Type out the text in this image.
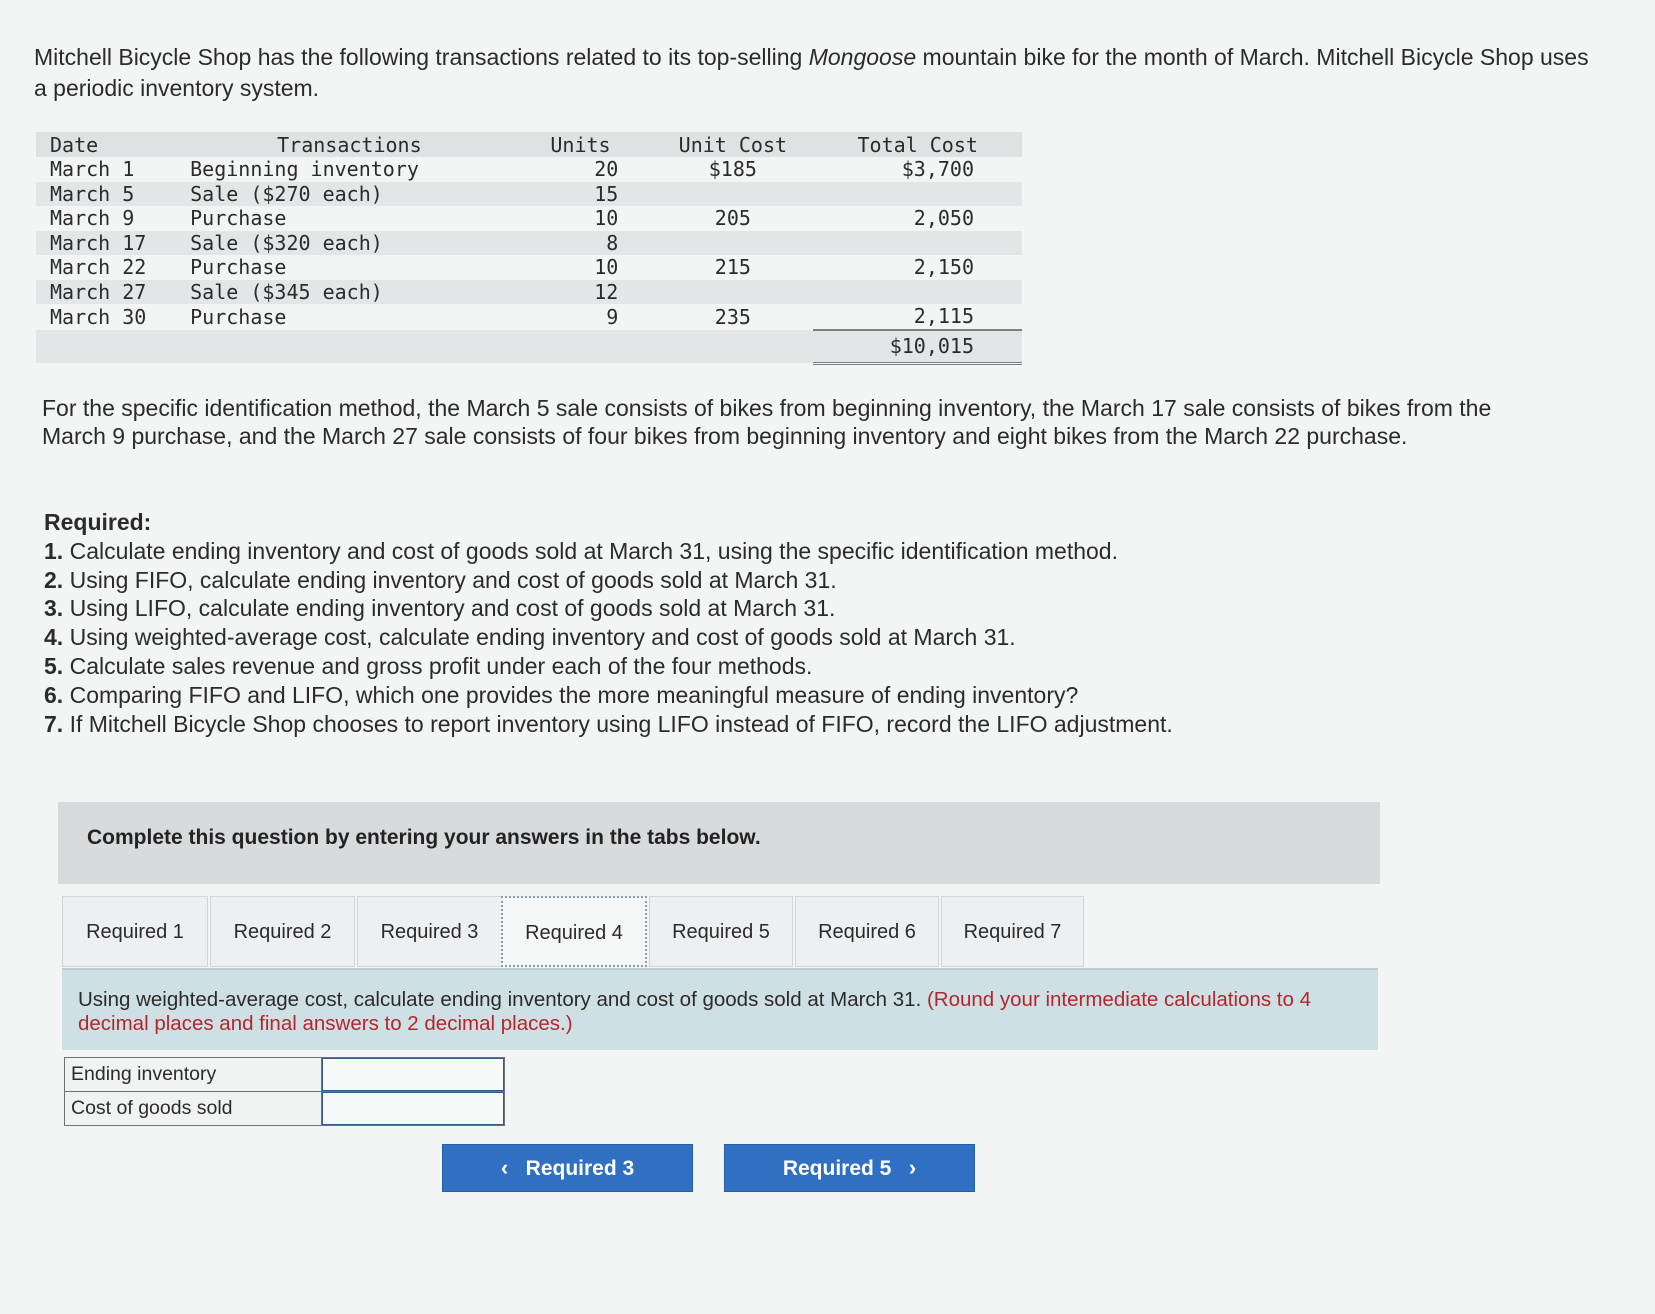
Mitchell Bicycle Shop has the following transactions related to its top-selling Mongoose mountain bike for the month of March. Mitchell Bicycle Shop uses a periodic inventory system.
Date	Transactions	Units	Unit Cost	Total Cost
March 1	Beginning inventory	20	$185	$3,700
March 5	Sale ($270 each)	15		
March 9	Purchase	10	205	2,050
March 17	Sale ($320 each)	8		
March 22	Purchase	10	215	2,150
March 27	Sale ($345 each)	12		
March 30	Purchase	9	235	2,115
				$10,015
For the specific identification method, the March 5 sale consists of bikes from beginning inventory, the March 17 sale consists of bikes from the March 9 purchase, and the March 27 sale consists of four bikes from beginning inventory and eight bikes from the March 22 purchase.
Required:
1. Calculate ending inventory and cost of goods sold at March 31, using the specific identification method.
2. Using FIFO, calculate ending inventory and cost of goods sold at March 31.
3. Using LIFO, calculate ending inventory and cost of goods sold at March 31.
4. Using weighted-average cost, calculate ending inventory and cost of goods sold at March 31.
5. Calculate sales revenue and gross profit under each of the four methods.
6. Comparing FIFO and LIFO, which one provides the more meaningful measure of ending inventory?
7. If Mitchell Bicycle Shop chooses to report inventory using LIFO instead of FIFO, record the LIFO adjustment.
Complete this question by entering your answers in the tabs below.
Required 1	Required 2	Required 3	Required 4	Required 5	Required 6	Required 7
Using weighted-average cost, calculate ending inventory and cost of goods sold at March 31. (Round your intermediate calculations to 4 decimal places and final answers to 2 decimal places.)
Ending inventory	
Cost of goods sold	
‹ Required 3	Required 5 ›
